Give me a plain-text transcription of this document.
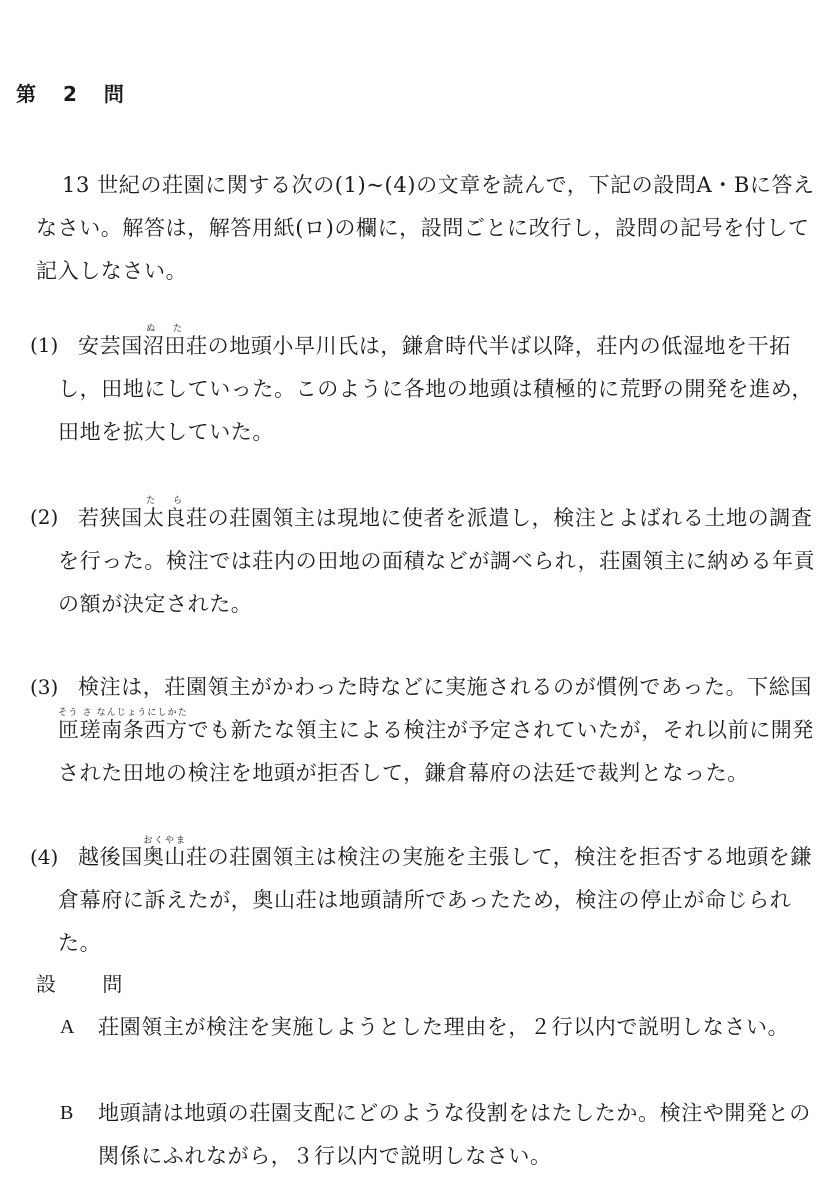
第 2 問
13 世紀の荘園に関する次の(1)~(4)の文章を読んで，下記の設問A・Bに答えなさい。解答は，解答用紙(ロ)の欄に，設問ごとに改行し，設問の記号を付して記入しなさい。
(1) 安芸国沼田ぬ た荘の地頭小早川氏は，鎌倉時代半ば以降，荘内の低湿地を干拓し，田地にしていった。このように各地の地頭は積極的に荒野の開発を進め，田地を拡大していた。
(2) 若狭国太良た ら荘の荘園領主は現地に使者を派遣し，検注とよばれる土地の調査を行った。検注では荘内の田地の面積などが調べられ，荘園領主に納める年貢の額が決定された。
(3) 検注は，荘園領主がかわった時などに実施されるのが慣例であった。下総国匝瑳南条西方そう さ なんじょうにしかたでも新たな領主による検注が予定されていたが，それ以前に開発された田地の検注を地頭が拒否して，鎌倉幕府の法廷で裁判となった。
(4) 越後国奥山おくやま荘の荘園領主は検注の実施を主張して，検注を拒否する地頭を鎌倉幕府に訴えたが，奥山荘は地頭請所であったため，検注の停止が命じられた。
設 問
A	荘園領主が検注を実施しようとした理由を，２行以内で説明しなさい。
B	地頭請は地頭の荘園支配にどのような役割をはたしたか。検注や開発との関係にふれながら，３行以内で説明しなさい。
